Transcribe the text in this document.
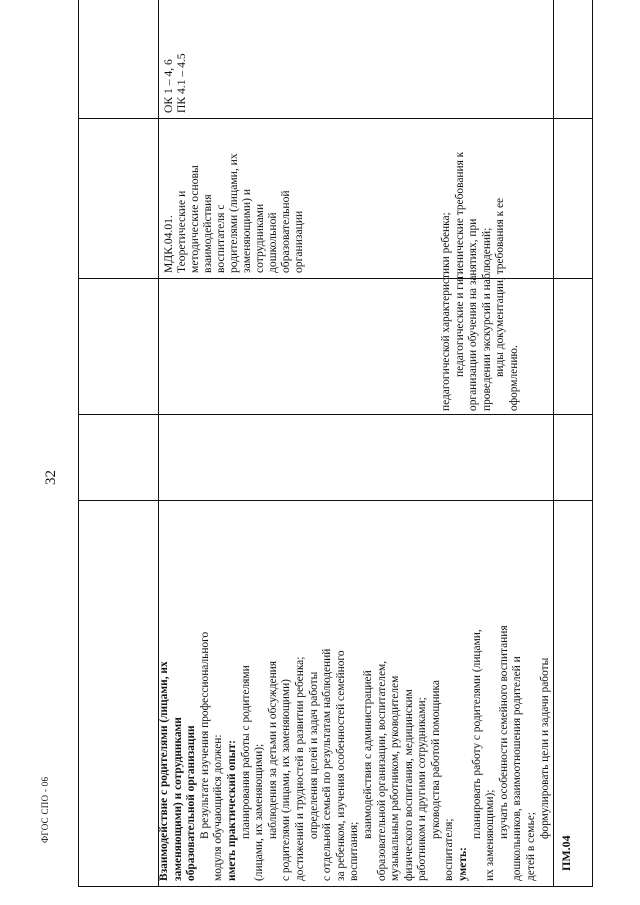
32
ФГОС СПО - 06

педагогической характеристики ребенка; педагогические и гигиенические требования к организации обучения на занятиях, при проведении экскурсий и наблюдений; виды документации, требования к ее

оформлению.

ОК 1 – 4, 6
ПК 4.1 – 4.5
ПМ.04

Взаимодействие с родителями (лицами, их заменяющими) и сотрудниками образовательной организации В результате изучения профессионального модуля обучающийся должен: иметь практический опыт: планирования работы с родителями (лицами, их заменяющими); наблюдения за детьми и обсуждения с родителями (лицами, их заменяющими) достижений и трудностей в развитии ребенка; определения целей и задач работы с отдельной семьей по результатам наблюдений за ребенком, изучения особенностей семейного воспитания;

взаимодействия с администрацией образовательной организации, воспитателем, музыкальным работником, руководителем физического воспитания, медицинским работником и другими сотрудниками; руководства работой помощника

воспитателя; уметь:

планировать работу с родителями (лицами, их заменяющими); изучать особенности семейного воспитания дошкольников, взаимоотношения родителей и детей в семье;

формулировать цели и задачи работы

МДК.04.01. Теоретические и методические основы взаимодействия воспитателя с родителями (лицами, их заменяющими) и сотрудниками дошкольной образовательной организации
